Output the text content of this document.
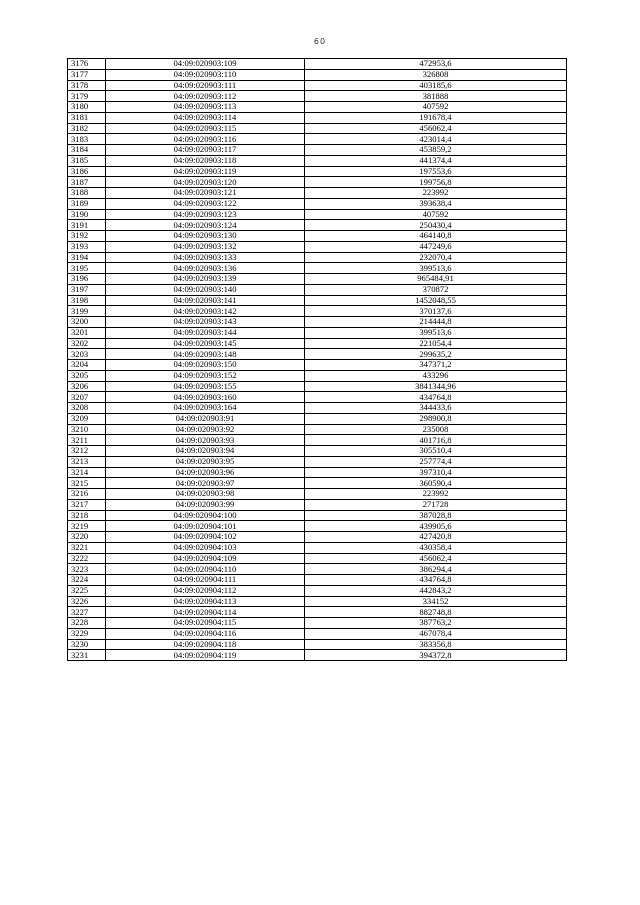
60
3176	04:09:020903:109	472953,6
3177	04:09:020903:110	326808
3178	04:09:020903:111	403185,6
3179	04:09:020903:112	381888
3180	04:09:020903:113	407592
3181	04:09:020903:114	191678,4
3182	04:09:020903:115	456062,4
3183	04:09:020903:116	423014,4
3184	04:09:020903:117	453859,2
3185	04:09:020903:118	441374,4
3186	04:09:020903:119	197553,6
3187	04:09:020903:120	199756,8
3188	04:09:020903:121	223992
3189	04:09:020903:122	393638,4
3190	04:09:020903:123	407592
3191	04:09:020903:124	250430,4
3192	04:09:020903:130	464140,8
3193	04:09:020903:132	447249,6
3194	04:09:020903:133	232070,4
3195	04:09:020903:136	399513,6
3196	04:09:020903:139	965484,91
3197	04:09:020903:140	370872
3198	04:09:020903:141	1452048,55
3199	04:09:020903:142	370137,6
3200	04:09:020903:143	214444,8
3201	04:09:020903:144	399513,6
3202	04:09:020903:145	221054,4
3203	04:09:020903:148	299635,2
3204	04:09:020903:150	347371,2
3205	04:09:020903:152	433296
3206	04:09:020903:155	3841344,96
3207	04:09:020903:160	434764,8
3208	04:09:020903:164	344433,6
3209	04:09:020903:91	298900,8
3210	04:09:020903:92	235008
3211	04:09:020903:93	401716,8
3212	04:09:020903:94	305510,4
3213	04:09:020903:95	257774,4
3214	04:09:020903:96	397310,4
3215	04:09:020903:97	360590,4
3216	04:09:020903:98	223992
3217	04:09:020903:99	271728
3218	04:09:020904:100	387028,8
3219	04:09:020904:101	439905,6
3220	04:09:020904:102	427420,8
3221	04:09:020904:103	430358,4
3222	04:09:020904:109	456062,4
3223	04:09:020904:110	386294,4
3224	04:09:020904:111	434764,8
3225	04:09:020904:112	442843,2
3226	04:09:020904:113	334152
3227	04:09:020904:114	882748,8
3228	04:09:020904:115	387763,2
3229	04:09:020904:116	467078,4
3230	04:09:020904:118	383356,8
3231	04:09:020904:119	394372,8
